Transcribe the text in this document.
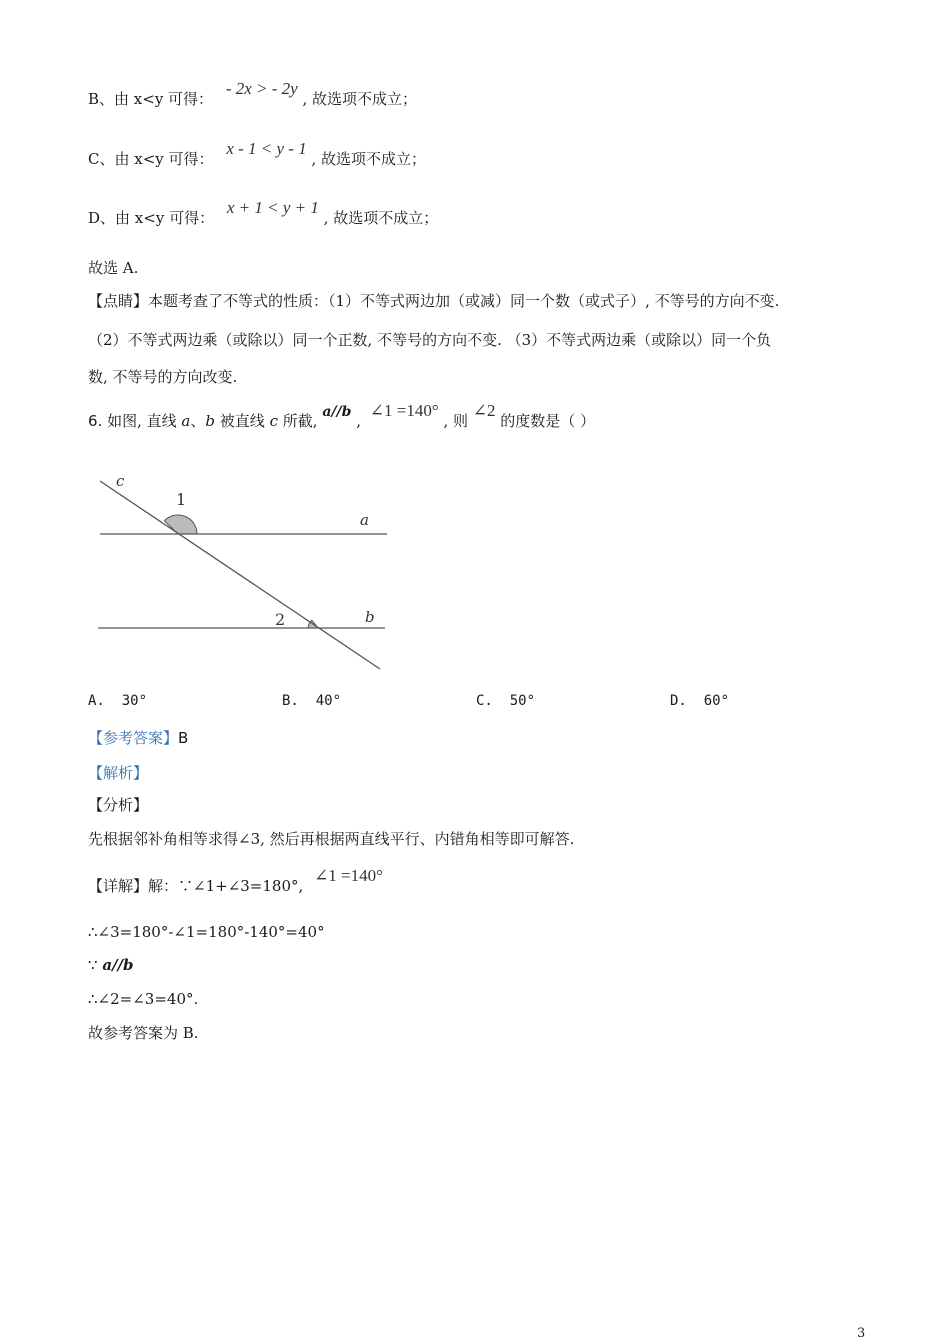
B、由 x<y 可得： - 2x > - 2y , 故选项不成立；
C、由 x<y 可得： x - 1 < y - 1 , 故选项不成立；
D、由 x<y 可得： x + 1 < y + 1 , 故选项不成立；
故选 A.
【点睛】本题考查了不等式的性质：（1）不等式两边加（或减）同一个数（或式子）, 不等号的方向不变.
（2）不等式两边乘（或除以）同一个正数, 不等号的方向不变. （3）不等式两边乘（或除以）同一个负
数, 不等号的方向改变.
6. 如图, 直线 a、b 被直线 c 所截, a//b , ∠1 =140° , 则 ∠2 的度数是（ ）
c
1
a
2	b
A. 30°	B. 40°	C. 50°	D. 60°
【参考答案】B
【解析】
【分析】
先根据邻补角相等求得∠3, 然后再根据两直线平行、内错角相等即可解答.
【详解】解：∵∠1+∠3=180°, ∠1 =140°
∴∠3=180°-∠1=180°-140°=40°
∵ a//b
∴∠2=∠3=40°.
故参考答案为 B.
3
